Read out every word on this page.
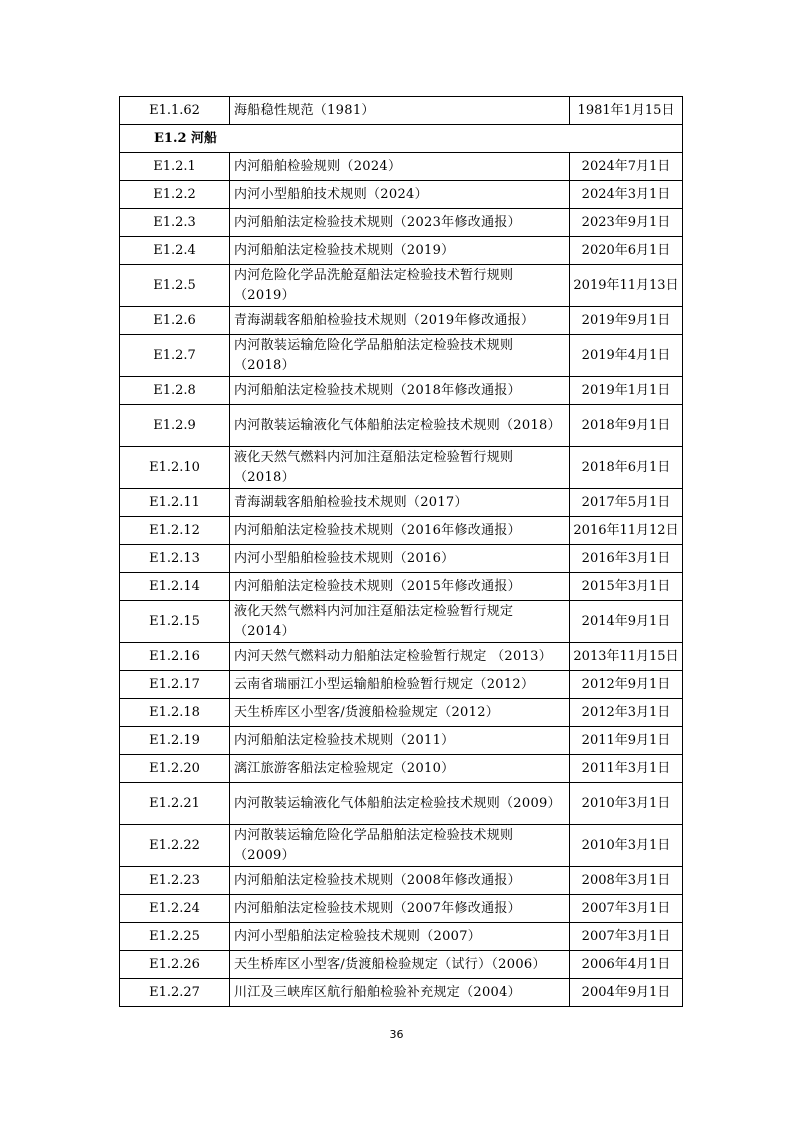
E1.1.62	海船稳性规范（1981）	1981年1月15日
E1.2 河船		
E1.2.1	内河船舶检验规则（2024）	2024年7月1日
E1.2.2	内河小型船舶技术规则（2024）	2024年3月1日
E1.2.3	内河船舶法定检验技术规则（2023年修改通报）	2023年9月1日
E1.2.4	内河船舶法定检验技术规则（2019）	2020年6月1日
E1.2.5	内河危险化学品洗舱趸船法定检验技术暂行规则（2019）	2019年11月13日
E1.2.6	青海湖载客船舶检验技术规则（2019年修改通报）	2019年9月1日
E1.2.7	内河散装运输危险化学品船舶法定检验技术规则（2018）	2019年4月1日
E1.2.8	内河船舶法定检验技术规则（2018年修改通报）	2019年1月1日
E1.2.9	内河散装运输液化气体船舶法定检验技术规则（2018）	2018年9月1日
E1.2.10	液化天然气燃料内河加注趸船法定检验暂行规则（2018）	2018年6月1日
E1.2.11	青海湖载客船舶检验技术规则（2017）	2017年5月1日
E1.2.12	内河船舶法定检验技术规则（2016年修改通报）	2016年11月12日
E1.2.13	内河小型船舶检验技术规则（2016）	2016年3月1日
E1.2.14	内河船舶法定检验技术规则（2015年修改通报）	2015年3月1日
E1.2.15	液化天然气燃料内河加注趸船法定检验暂行规定（2014）	2014年9月1日
E1.2.16	内河天然气燃料动力船舶法定检验暂行规定 （2013）	2013年11月15日
E1.2.17	云南省瑞丽江小型运输船舶检验暂行规定（2012）	2012年9月1日
E1.2.18	天生桥库区小型客/货渡船检验规定（2012）	2012年3月1日
E1.2.19	内河船舶法定检验技术规则（2011）	2011年9月1日
E1.2.20	漓江旅游客船法定检验规定（2010）	2011年3月1日
E1.2.21	内河散装运输液化气体船舶法定检验技术规则（2009）	2010年3月1日
E1.2.22	内河散装运输危险化学品船舶法定检验技术规则（2009）	2010年3月1日
E1.2.23	内河船舶法定检验技术规则（2008年修改通报）	2008年3月1日
E1.2.24	内河船舶法定检验技术规则（2007年修改通报）	2007年3月1日
E1.2.25	内河小型船舶法定检验技术规则（2007）	2007年3月1日
E1.2.26	天生桥库区小型客/货渡船检验规定（试行）（2006）	2006年4月1日
E1.2.27	川江及三峡库区航行船舶检验补充规定（2004）	2004年9月1日
36
